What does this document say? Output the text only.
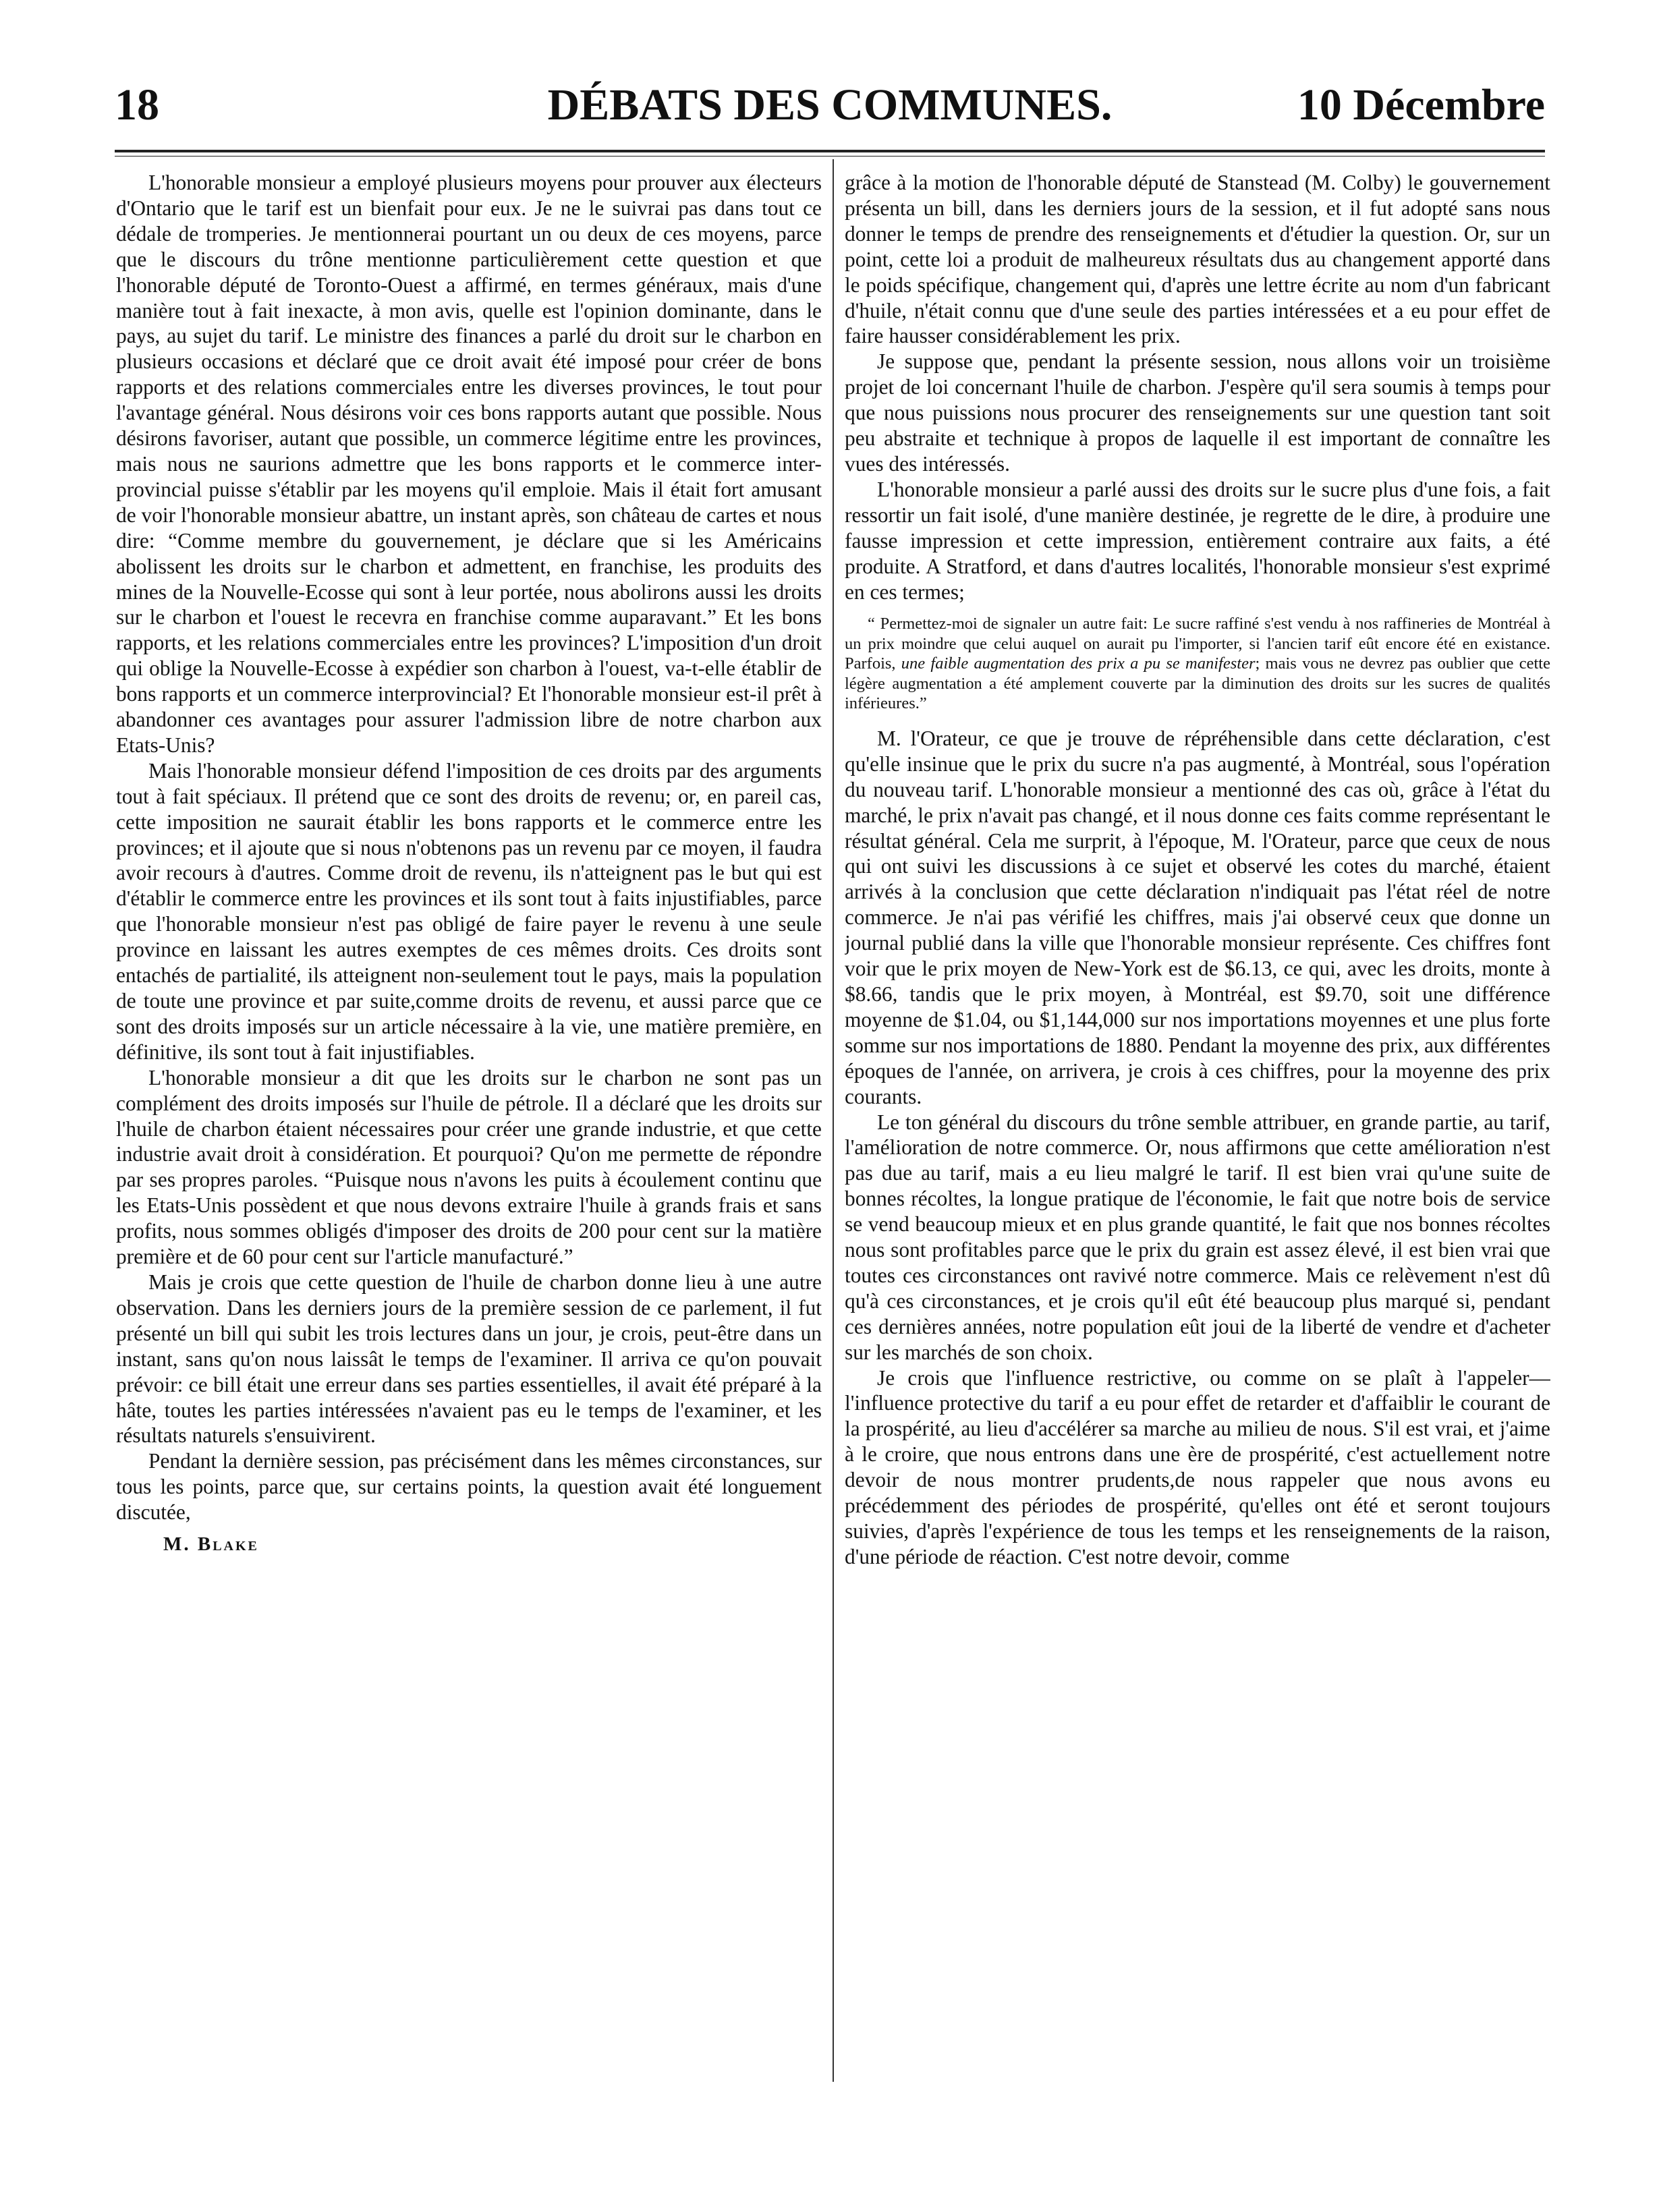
18	DÉBATS DES COMMUNES.	10 Décembre

L'honorable monsieur a employé plusieurs moyens pour prouver aux électeurs d'Ontario que le tarif est un bienfait pour eux. Je ne le suivrai pas dans tout ce dédale de tromperies. Je mentionnerai pourtant un ou deux de ces moyens, parce que le discours du trône mentionne particulièrement cette question et que l'honorable député de Toronto-Ouest a affirmé, en termes généraux, mais d'une manière tout à fait inexacte, à mon avis, quelle est l'opinion dominante, dans le pays, au sujet du tarif. Le ministre des finances a parlé du droit sur le charbon en plusieurs occasions et déclaré que ce droit avait été imposé pour créer de bons rapports et des relations commerciales entre les diverses provinces, le tout pour l'avantage général. Nous désirons voir ces bons rapports autant que possible. Nous désirons favoriser, autant que possible, un commerce légitime entre les provinces, mais nous ne saurions admettre que les bons rapports et le commerce inter-provincial puisse s'établir par les moyens qu'il emploie. Mais il était fort amusant de voir l'honorable monsieur abattre, un instant après, son château de cartes et nous dire: “Comme membre du gouvernement, je déclare que si les Américains abolissent les droits sur le charbon et admettent, en franchise, les produits des mines de la Nouvelle-Ecosse qui sont à leur portée, nous abolirons aussi les droits sur le charbon et l'ouest le recevra en franchise comme auparavant.” Et les bons rapports, et les relations commerciales entre les provinces? L'imposition d'un droit qui oblige la Nouvelle-Ecosse à expédier son charbon à l'ouest, va-t-elle établir de bons rapports et un commerce interprovincial? Et l'honorable monsieur est-il prêt à abandonner ces avantages pour assurer l'admission libre de notre charbon aux Etats-Unis?

Mais l'honorable monsieur défend l'imposition de ces droits par des arguments tout à fait spéciaux. Il prétend que ce sont des droits de revenu; or, en pareil cas, cette imposition ne saurait établir les bons rapports et le commerce entre les provinces; et il ajoute que si nous n'obtenons pas un revenu par ce moyen, il faudra avoir recours à d'autres. Comme droit de revenu, ils n'atteignent pas le but qui est d'établir le commerce entre les provinces et ils sont tout à faits injustifiables, parce que l'honorable monsieur n'est pas obligé de faire payer le revenu à une seule province en laissant les autres exemptes de ces mêmes droits. Ces droits sont entachés de partialité, ils atteignent non-seulement tout le pays, mais la population de toute une province et par suite,comme droits de revenu, et aussi parce que ce sont des droits imposés sur un article nécessaire à la vie, une matière première, en définitive, ils sont tout à fait injustifiables.

L'honorable monsieur a dit que les droits sur le charbon ne sont pas un complément des droits imposés sur l'huile de pétrole. Il a déclaré que les droits sur l'huile de charbon étaient nécessaires pour créer une grande industrie, et que cette industrie avait droit à considération. Et pourquoi? Qu'on me permette de répondre par ses propres paroles. “Puisque nous n'avons les puits à écoulement continu que les Etats-Unis possèdent et que nous devons extraire l'huile à grands frais et sans profits, nous sommes obligés d'imposer des droits de 200 pour cent sur la matière première et de 60 pour cent sur l'article manufacturé.”

Mais je crois que cette question de l'huile de charbon donne lieu à une autre observation. Dans les derniers jours de la première session de ce parlement, il fut présenté un bill qui subit les trois lectures dans un jour, je crois, peut-être dans un instant, sans qu'on nous laissât le temps de l'examiner. Il arriva ce qu'on pouvait prévoir: ce bill était une erreur dans ses parties essentielles, il avait été préparé à la hâte, toutes les parties intéressées n'avaient pas eu le temps de l'examiner, et les résultats naturels s'ensuivirent.

Pendant la dernière session, pas précisément dans les mêmes circonstances, sur tous les points, parce que, sur certains points, la question avait été longuement discutée,

M. Blake

grâce à la motion de l'honorable député de Stanstead (M. Colby) le gouvernement présenta un bill, dans les derniers jours de la session, et il fut adopté sans nous donner le temps de prendre des renseignements et d'étudier la question. Or, sur un point, cette loi a produit de malheureux résultats dus au changement apporté dans le poids spécifique, changement qui, d'après une lettre écrite au nom d'un fabricant d'huile, n'était connu que d'une seule des parties intéressées et a eu pour effet de faire hausser considérablement les prix.

Je suppose que, pendant la présente session, nous allons voir un troisième projet de loi concernant l'huile de charbon. J'espère qu'il sera soumis à temps pour que nous puissions nous procurer des renseignements sur une question tant soit peu abstraite et technique à propos de laquelle il est important de connaître les vues des intéressés.

L'honorable monsieur a parlé aussi des droits sur le sucre plus d'une fois, a fait ressortir un fait isolé, d'une manière destinée, je regrette de le dire, à produire une fausse impression et cette impression, entièrement contraire aux faits, a été produite. A Stratford, et dans d'autres localités, l'honorable monsieur s'est exprimé en ces termes;

“ Permettez-moi de signaler un autre fait: Le sucre raffiné s'est vendu à nos raffineries de Montréal à un prix moindre que celui auquel on aurait pu l'importer, si l'ancien tarif eût encore été en existance. Parfois, une faible augmentation des prix a pu se manifester; mais vous ne devrez pas oublier que cette légère augmentation a été amplement couverte par la diminution des droits sur les sucres de qualités inférieures.”

M. l'Orateur, ce que je trouve de répréhensible dans cette déclaration, c'est qu'elle insinue que le prix du sucre n'a pas augmenté, à Montréal, sous l'opération du nouveau tarif. L'honorable monsieur a mentionné des cas où, grâce à l'état du marché, le prix n'avait pas changé, et il nous donne ces faits comme représentant le résultat général. Cela me surprit, à l'époque, M. l'Orateur, parce que ceux de nous qui ont suivi les discussions à ce sujet et observé les cotes du marché, étaient arrivés à la conclusion que cette déclaration n'indiquait pas l'état réel de notre commerce. Je n'ai pas vérifié les chiffres, mais j'ai observé ceux que donne un journal publié dans la ville que l'honorable monsieur représente. Ces chiffres font voir que le prix moyen de New-York est de $6.13, ce qui, avec les droits, monte à $8.66, tandis que le prix moyen, à Montréal, est $9.70, soit une différence moyenne de $1.04, ou $1,144,000 sur nos importations moyennes et une plus forte somme sur nos importations de 1880. Pendant la moyenne des prix, aux différentes époques de l'année, on arrivera, je crois à ces chiffres, pour la moyenne des prix courants.

Le ton général du discours du trône semble attribuer, en grande partie, au tarif, l'amélioration de notre commerce. Or, nous affirmons que cette amélioration n'est pas due au tarif, mais a eu lieu malgré le tarif. Il est bien vrai qu'une suite de bonnes récoltes, la longue pratique de l'économie, le fait que notre bois de service se vend beaucoup mieux et en plus grande quantité, le fait que nos bonnes récoltes nous sont profitables parce que le prix du grain est assez élevé, il est bien vrai que toutes ces circonstances ont ravivé notre commerce. Mais ce relèvement n'est dû qu'à ces circonstances, et je crois qu'il eût été beaucoup plus marqué si, pendant ces dernières années, notre population eût joui de la liberté de vendre et d'acheter sur les marchés de son choix.

Je crois que l'influence restrictive, ou comme on se plaît à l'appeler—l'influence protective du tarif a eu pour effet de retarder et d'affaiblir le courant de la prospérité, au lieu d'accélérer sa marche au milieu de nous. S'il est vrai, et j'aime à le croire, que nous entrons dans une ère de prospérité, c'est actuellement notre devoir de nous montrer prudents,de nous rappeler que nous avons eu précédemment des périodes de prospérité, qu'elles ont été et seront toujours suivies, d'après l'expérience de tous les temps et les renseignements de la raison, d'une période de réaction. C'est notre devoir, comme
